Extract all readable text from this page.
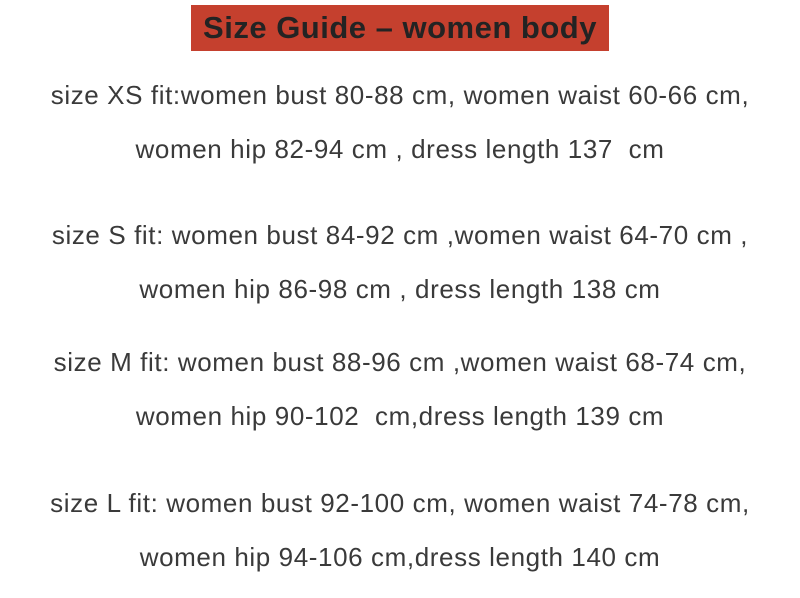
Size Guide – women body

size XS fit:women bust 80-88 cm, women waist 60-66 cm,

women hip 82-94 cm , dress length 137  cm

size S fit: women bust 84-92 cm ,women waist 64-70 cm ,

women hip 86-98 cm , dress length 138 cm

size M fit: women bust 88-96 cm ,women waist 68-74 cm,

women hip 90-102  cm,dress length 139 cm

size L fit: women bust 92-100 cm, women waist 74-78 cm,

women hip 94-106 cm,dress length 140 cm
